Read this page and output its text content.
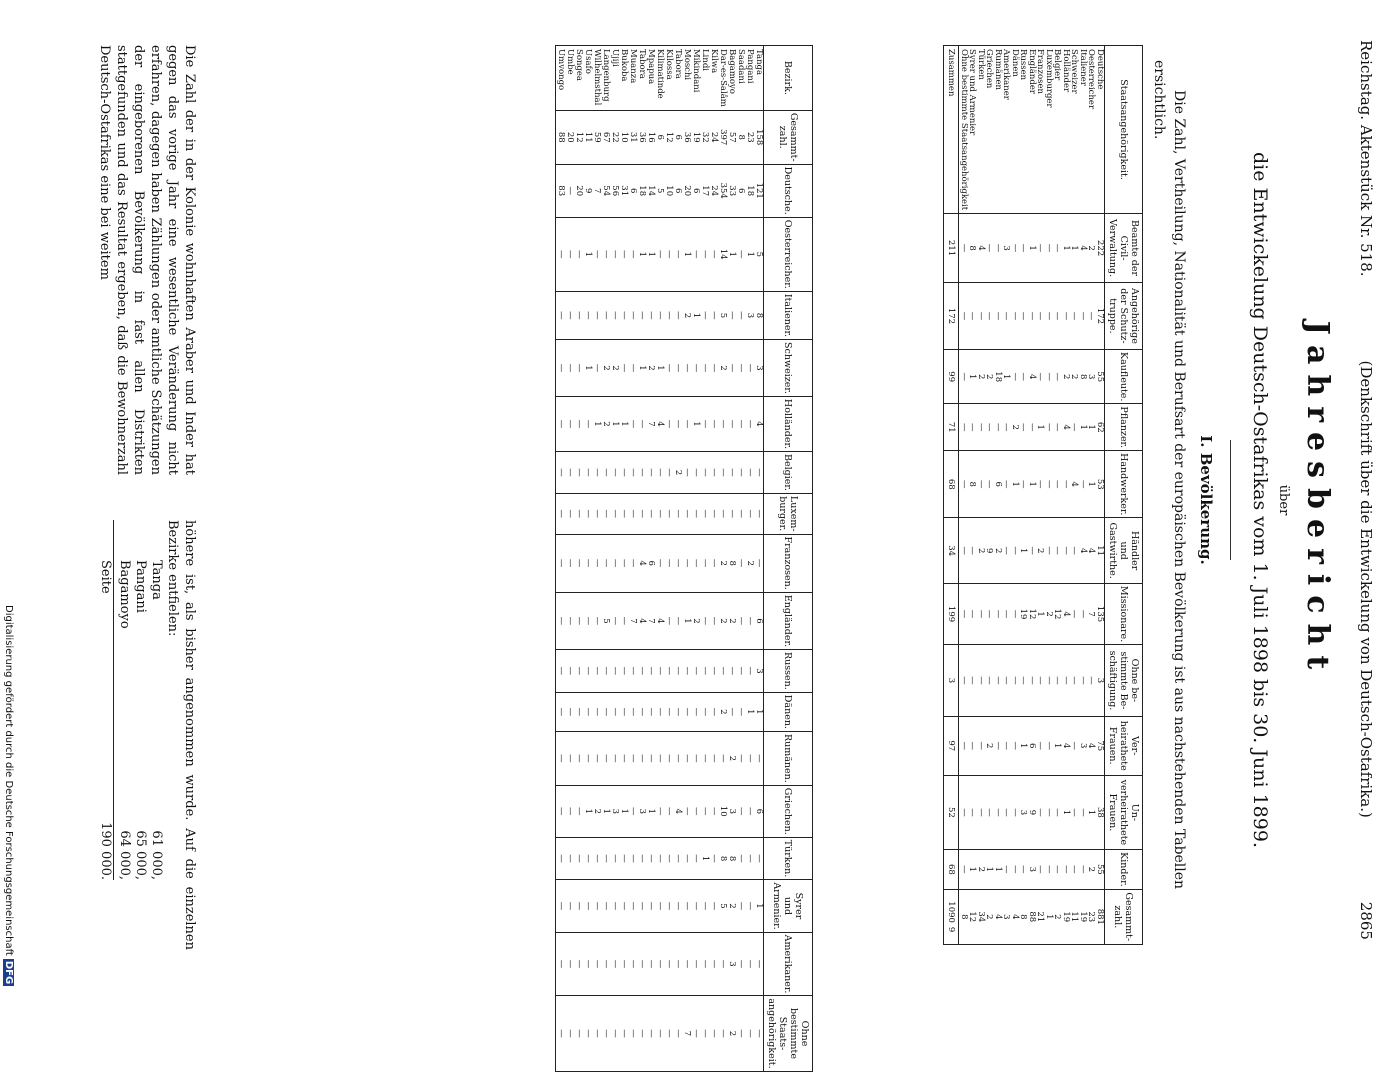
Reichstag. Aktenstück Nr. 518.
(Denkschrift über die Entwickelung von Deutsch-Ostafrika.)
2865
Jahresbericht
über
die Entwickelung Deutsch-Ostafrikas vom 1. Juli 1898 bis 30. Juni 1899.
I. Bevölkerung.
Die Zahl, Vertheilung, Nationalität und Berufsart der europäischen Bevölkerung ist aus nachstehenden Tabellen ersichtlich.
Staatsangehörigkeit.	Beamte der Civil-Verwaltung.	Angehörige der Schutz-truppe.	Kaufleute.	Pflanzer.	Handwerker.	Händler und Gastwirthe.	Missionare.	Ohne be-stimmte Be-schäftigung.	Ver-heirathete Frauen.	Un-verheirathete Frauen.	Kinder.	Gesammt-zahl.
Deutsche	222	172	55	62	53	11	135	3	75	38	55	881
Oesterreicher	2	—	3	1	1	4	7	—	4	1	2	23
Italiener	4	—	8	1	—	4	—	—	3	—	—	19
Schweizer	1	—	2	—	4	—	—	—	—	—	—	11
Holländer	1	—	2	4	—	—	4	—	4	1	—	19
Belgier	—	—	—	—	—	—	12	—	1	—	—	2
Luxemburger	—	—	—	—	—	—	2	—	—	—	—	1
Franzosen	—	—	—	1	—	2	1	—	—	—	—	21
Engländer	1	—	4	—	1	—	12	—	6	9	3	88
Russen	—	—	—	—	—	1	19	—	1	3	—	8
Dänen	—	—	—	2	1	—	—	—	—	—	—	4
Amerikaner	3	—	1	—	—	—	—	—	—	—	—	3
Rumänen	—	—	18	—	6	2	—	—	—	—	1	4
Griechen	—	—	2	—	—	9	—	—	2	—	1	2
Türken	4	—	2	—	—	2	—	—	—	—	2	34
Syrer und Armenier	8	—	1	—	8	—	—	—	—	—	1	12
Ohne bestimmte Staatsangehörigkeit	—	—	—	—	—	—	—	—	—	—	—	8
Zusammen	211	172	99	71	68	34	199	3	97	52	68	10909
Bezirk.	Gesammt-zahl.	Deutsche.	Oesterreicher.	Italiener.	Schweizer.	Holländer.	Belgier.	Luxem-burger.	Franzosen.	Engländer.	Russen.	Dänen.	Rumänen.	Griechen.	Türken.	Syrer und Armenier.	Amerikaner.	Ohne bestimmte Staats-angehörigkeit.
Tanga	158	121	5	8	3	4	—	—	—	6	3	1	—	6	—	1	—	—
Pangani	23	18	1	3	—	—	—	—	2	—	—	1	—	—	—	—	—	—
Saadani	8	6	—	—	—	—	—	—	—	—	—	—	—	—	—	—	—	—
Bagamoyo	57	33	1	—	—	—	—	—	8	2	—	—	2	3	8	2	3	2
Dar-es-Salâm	397	354	14	5	2	—	—	—	2	2	—	2	—	10	8	5	—	—
Kilwa	24	24	—	—	—	—	—	—	—	—	—	—	—	—	—	—	—	—
Lindi	32	17	—	—	—	—	—	—	—	—	—	—	—	—	1	—	—	—
Mikindani	19	6	—	1	—	1	—	—	—	2	—	—	—	—	—	—	—	—
Moschi	36	20	1	2	—	—	—	—	—	1	—	—	—	—	—	—	—	7
Tabora	6	6	—	—	—	—	2	—	—	—	—	—	—	4	—	—	—	—
Kilossa	12	10	—	—	—	—	—	—	—	—	—	—	—	—	—	—	—	—
Kilimatinde	6	5	—	—	1	4	—	—	—	4	—	—	—	—	—	—	—	—
Mpapua	16	14	1	—	2	7	—	—	6	7	—	—	—	1	—	—	—	—
Tabora	36	18	1	—	1	—	—	—	4	4	—	—	—	3	—	—	—	—
Muanza	31	6	—	—	—	—	—	—	—	7	—	—	—	—	—	—	—	—
Bukoba	10	31	—	—	—	1	—	—	—	—	—	—	—	1	—	—	—	—
Ujiji	22	56	—	—	2	1	—	—	—	—	—	—	—	3	—	—	—	—
Langenburg	67	54	—	—	2	2	—	—	—	5	—	—	—	1	—	—	—	—
Wilhelmsthal	59	7	—	—	—	1	—	—	—	—	—	—	—	2	—	—	—	—
Usafo	11	9	1	—	1	—	—	—	—	—	—	—	—	1	—	—	—	—
Songea	12	20	—	—	—	—	—	—	—	—	—	—	—	—	—	—	—	—
Umbe	20	—	—	—	—	—	—	—	—	—	—	—	—	—	—	—	—	—
Umvongo	88	83	—	—	—	—	—	—	—	—	—	—	—	—	—	—	—	—
Die Zahl der in der Kolonie wohnhaften Araber und Inder hat gegen das vorige Jahr eine wesentliche Veränderung nicht erfahren, dagegen haben Zählungen oder amtliche Schätzungen der eingeborenen Bevölkerung in fast allen Distrikten stattgefunden und das Resultat ergeben, daß die Bewohnerzahl Deutsch-Ostafrikas eine bei weitem
höhere ist, als bisher angenommen wurde. Auf die einzelnen Bezirke entfielen:
Tanga
61 000,
Pangani
65 000,
Bagamoyo
64 000,
Seite
190 000.
Digitalisierung gefördert durch die Deutsche ForschungsgemeinschaftDFG
